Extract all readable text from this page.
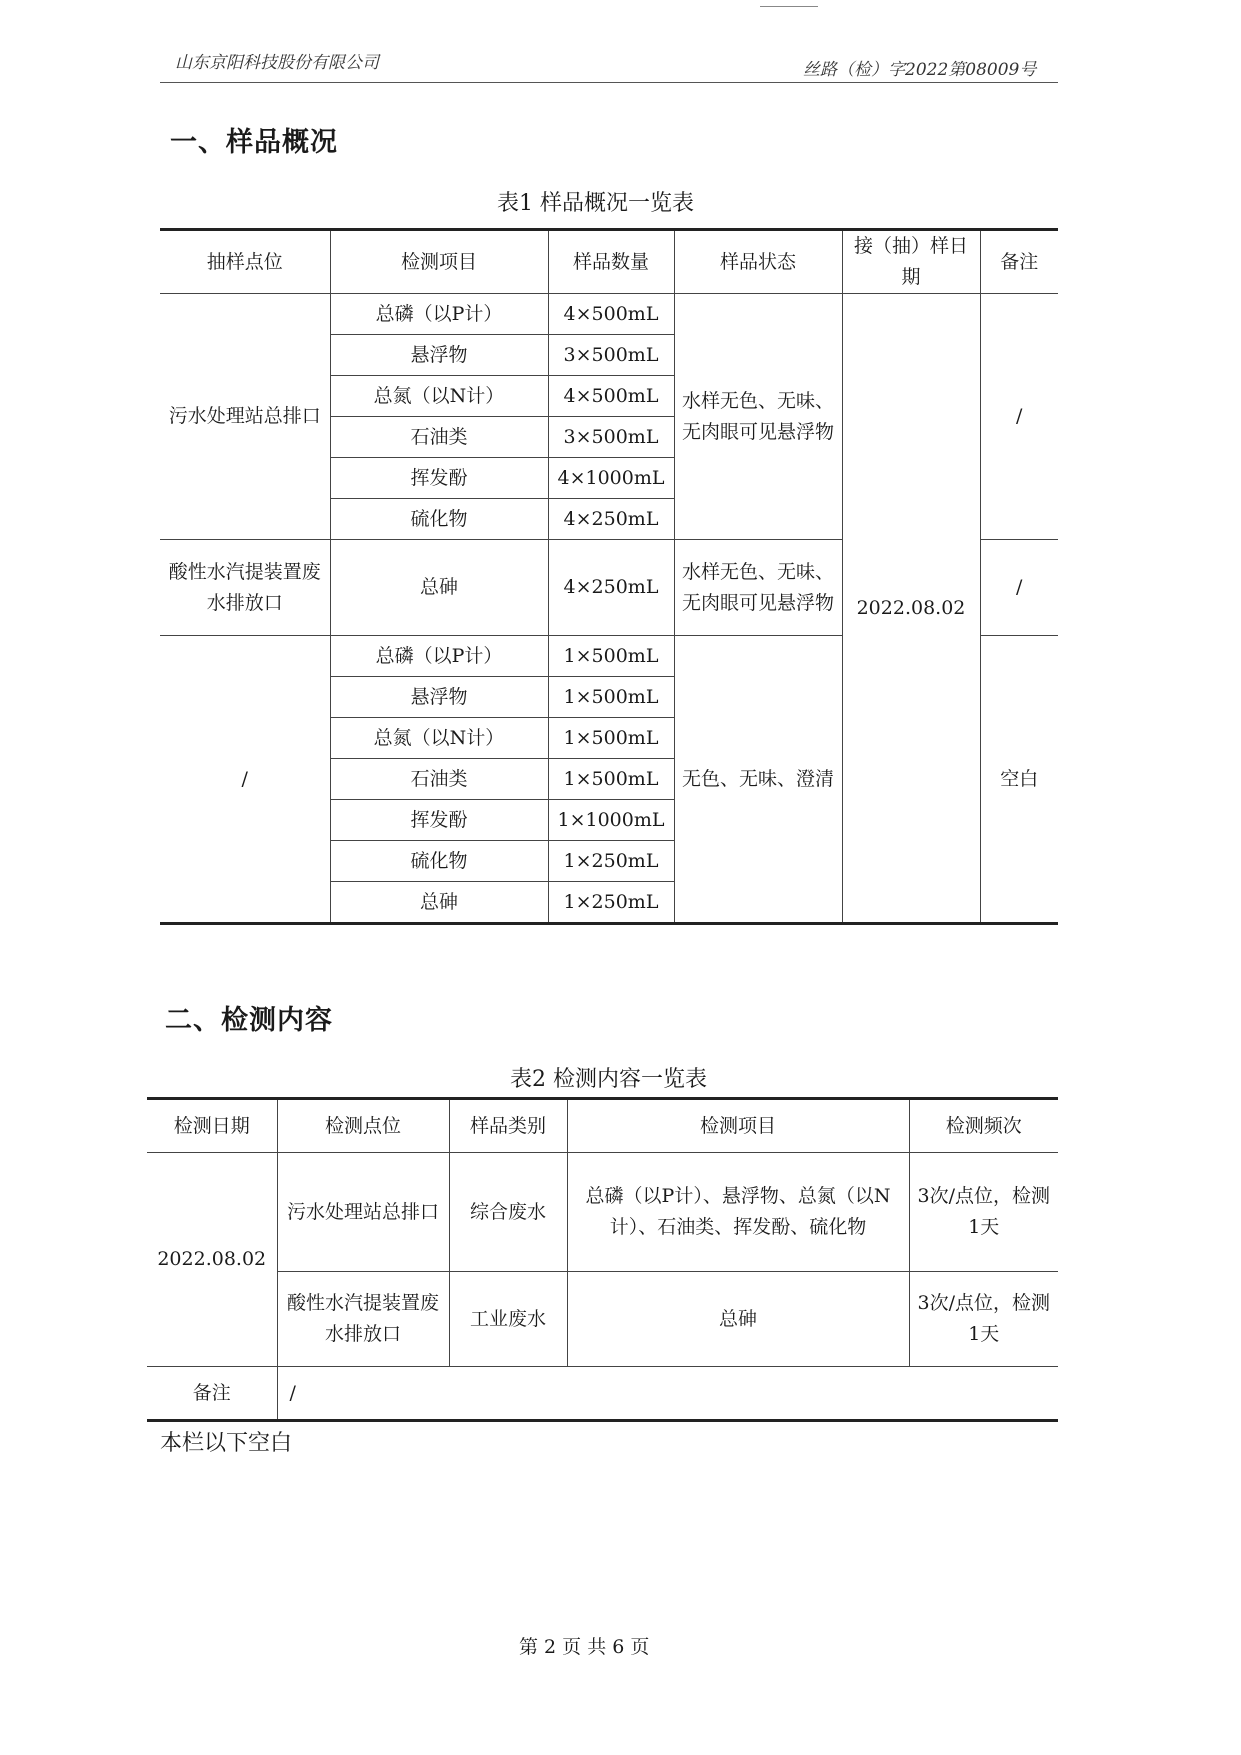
山东京阳科技股份有限公司	丝路（检）字2022第08009号
一、样品概况
表1 样品概况一览表
抽样点位	检测项目	样品数量	样品状态	接（抽）样日期	备注
污水处理站总排口	总磷（以P计）	4×500mL	水样无色、无味、无肉眼可见悬浮物	2022.08.02	/
	悬浮物	3×500mL			
	总氮（以N计）	4×500mL			
	石油类	3×500mL			
	挥发酚	4×1000mL			
	硫化物	4×250mL			
酸性水汽提装置废水排放口	总砷	4×250mL	水样无色、无味、无肉眼可见悬浮物		/
/	总磷（以P计）	1×500mL	无色、无味、澄清		空白
	悬浮物	1×500mL			
	总氮（以N计）	1×500mL			
	石油类	1×500mL			
	挥发酚	1×1000mL			
	硫化物	1×250mL			
	总砷	1×250mL			
二、检测内容
表2 检测内容一览表
检测日期	检测点位	样品类别	检测项目	检测频次
2022.08.02	污水处理站总排口	综合废水	总磷（以P计）、悬浮物、总氮（以N计）、石油类、挥发酚、硫化物	3次/点位，检测1天
	酸性水汽提装置废水排放口	工业废水	总砷	3次/点位，检测1天
备注	/			
本栏以下空白
第 2 页 共 6 页
